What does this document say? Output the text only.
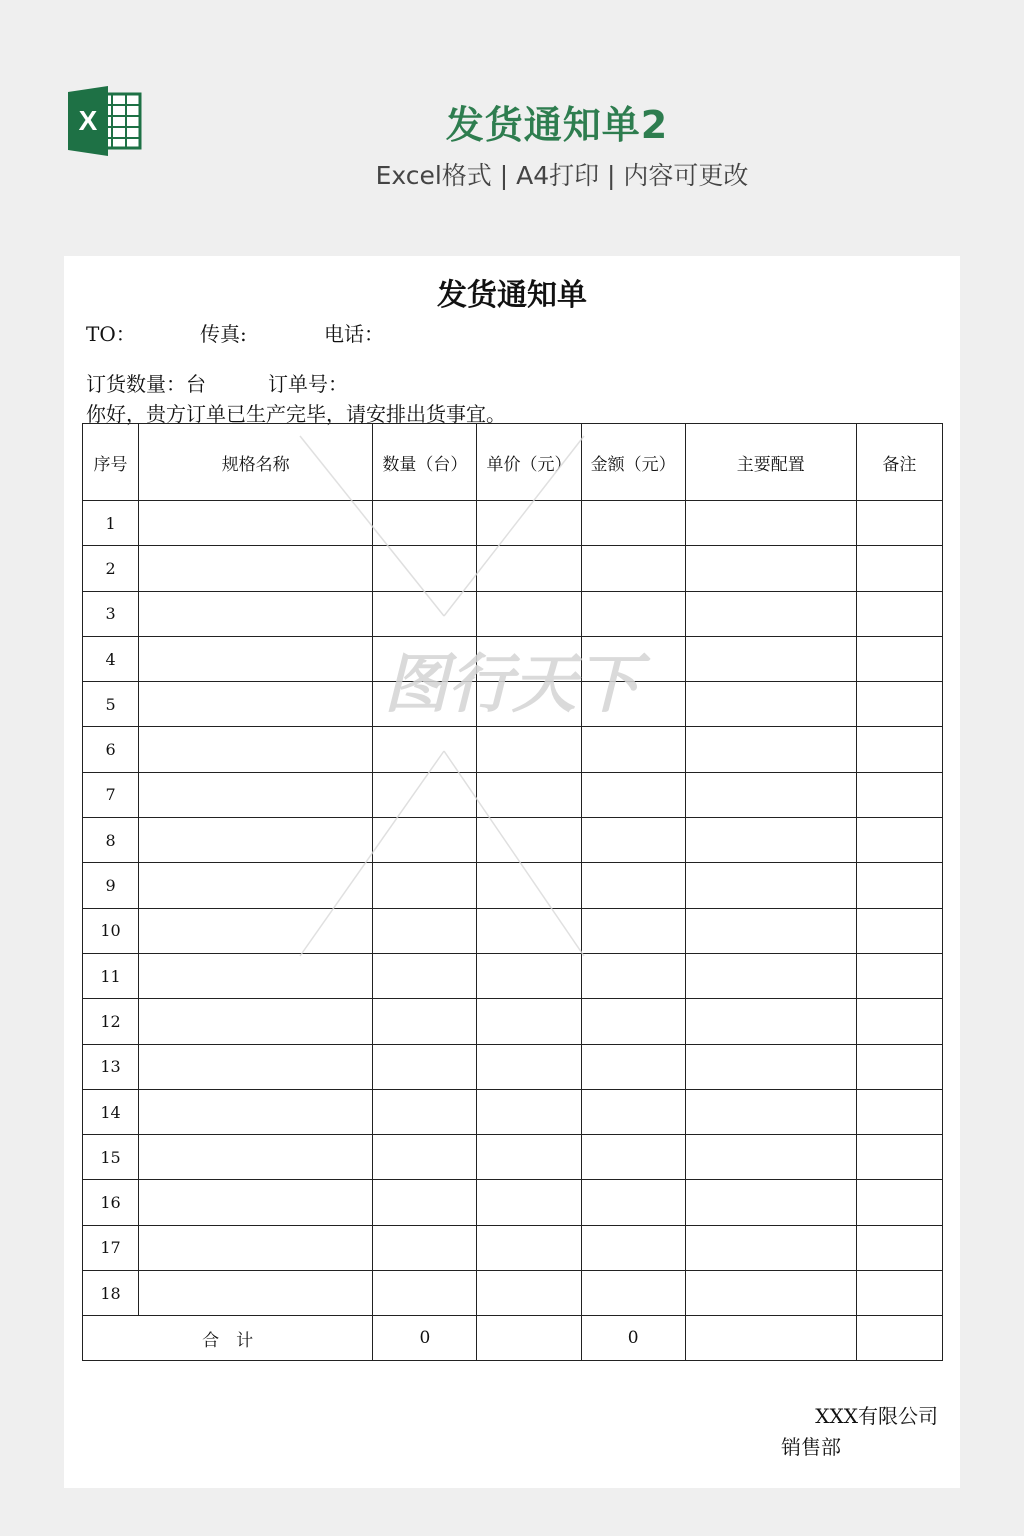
X	发货通知单2
Excel格式 | A4打印 | 内容可更改
发货通知单
TO：	传真:	电话：
订货数量：台	订单号：
你好，贵方订单已生产完毕，请安排出货事宜。
序号	规格名称	数量（台）	单价（元）	金额（元）	主要配置	备注
1						
2						
3						
4						
5						
6						
7						
8						
9						
10						
11						
12						
13						
14						
15						
16						
17						
18						
合　计		0		0		
XXX有限公司
销售部
图行天下
